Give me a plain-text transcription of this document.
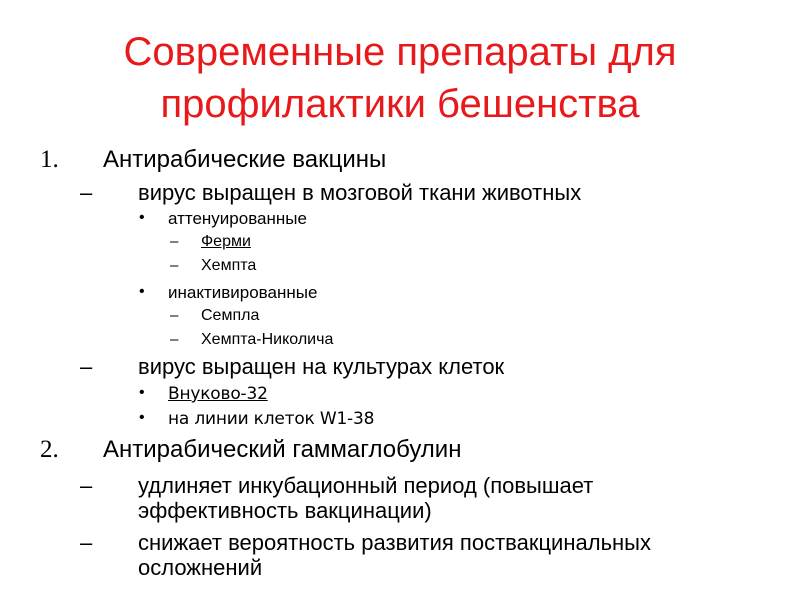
Современные препараты для
профилактики бешенства
1. Антирабические вакцины
– вирус выращен в мозговой ткани животных
• аттенуированные
– Ферми
– Хемпта
• инактивированные
– Семпла
– Хемпта-Николича
– вирус выращен на культурах клеток
• Внуково-32
• на линии клеток W1-38
2. Антирабический гаммаглобулин
– удлиняет инкубационный период (повышает
эффективность вакцинации)
– снижает вероятность развития поствакцинальных
осложнений
